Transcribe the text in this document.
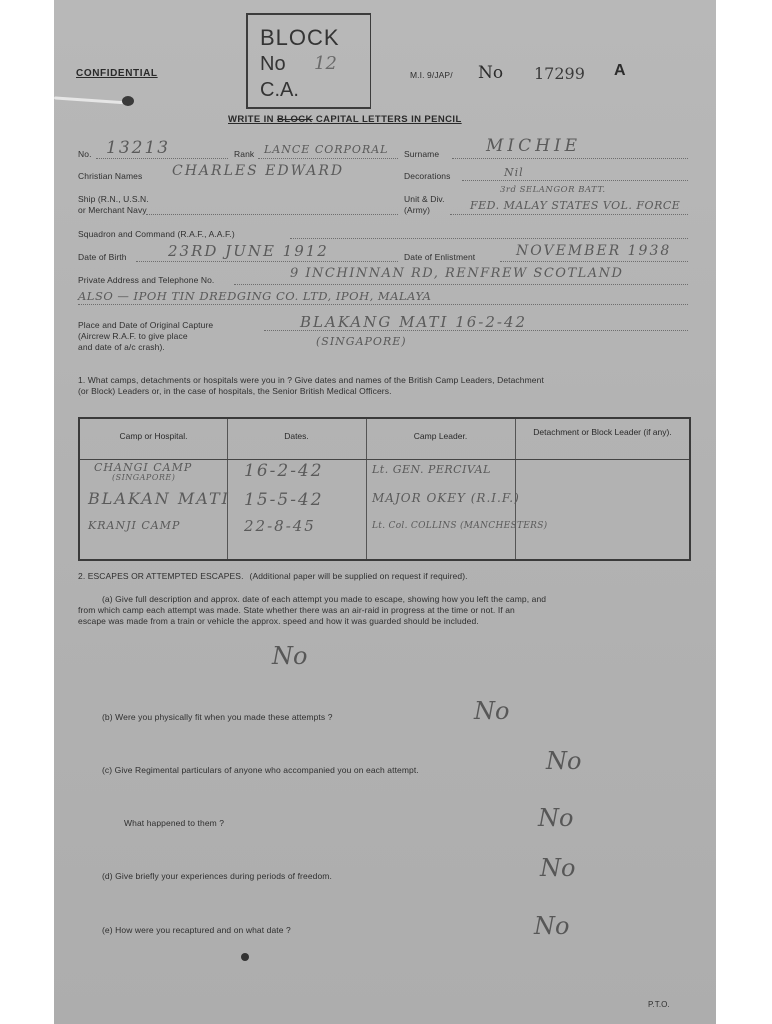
CONFIDENTIAL
BLOCK
No 12
C.A.
M.I. 9/JAP/ No 17299 A
WRITE IN BLOCK CAPITAL LETTERS IN PENCIL
No. 13213	Rank LANCE CORPORAL Surname	MICHIE
Christian Names CHARLES EDWARD	Decorations	Nil
Ship (R.N., U.S.N.
or Merchant Navy
Unit & Div.
(Army)
3rd SELANGOR BATT.
FED. MALAY STATES VOL. FORCE
Squadron and Command (R.A.F., A.A.F.)
Date of Birth	23RD JUNE 1912	Date of Enlistment	NOVEMBER 1938
Private Address and Telephone No.	9 INCHINNAN RD, RENFREW SCOTLAND
ALSO — IPOH TIN DREDGING CO. LTD, IPOH, MALAYA
Place and Date of Original Capture
(Aircrew R.A.F. to give place
and date of a/c crash).
BLAKANG MATI 16-2-42
(SINGAPORE)
1. What camps, detachments or hospitals were you in ? Give dates and names of the British Camp Leaders, Detachment
(or Block) Leaders or, in the case of hospitals, the Senior British Medical Officers.
Camp or Hospital.	Dates.	Camp Leader.	Detachment or Block Leader (if any).
CHANGI CAMP
(SINGAPORE)	16-2-42	Lt. GEN. PERCIVAL
BLAKAN MATI 15-5-42	MAJOR OKEY (R.I.F.)
KRANJI CAMP	22-8-45	Lt. Col. COLLINS (MANCHESTERS)
2. ESCAPES OR ATTEMPTED ESCAPES. (Additional paper will be supplied on request if required).
(a) Give full description and approx. date of each attempt you made to escape, showing how you left the camp, and
from which camp each attempt was made. State whether there was an air-raid in progress at the time or not. If an
escape was made from a train or vehicle the approx. speed and how it was guarded should be included.
No
(b) Were you physically fit when you made these attempts ?	No
(c) Give Regimental particulars of anyone who accompanied you on each attempt.	No
What happened to them ?	No
(d) Give briefly your experiences during periods of freedom.	No
(e) How were you recaptured and on what date ?	No
P.T.O.
